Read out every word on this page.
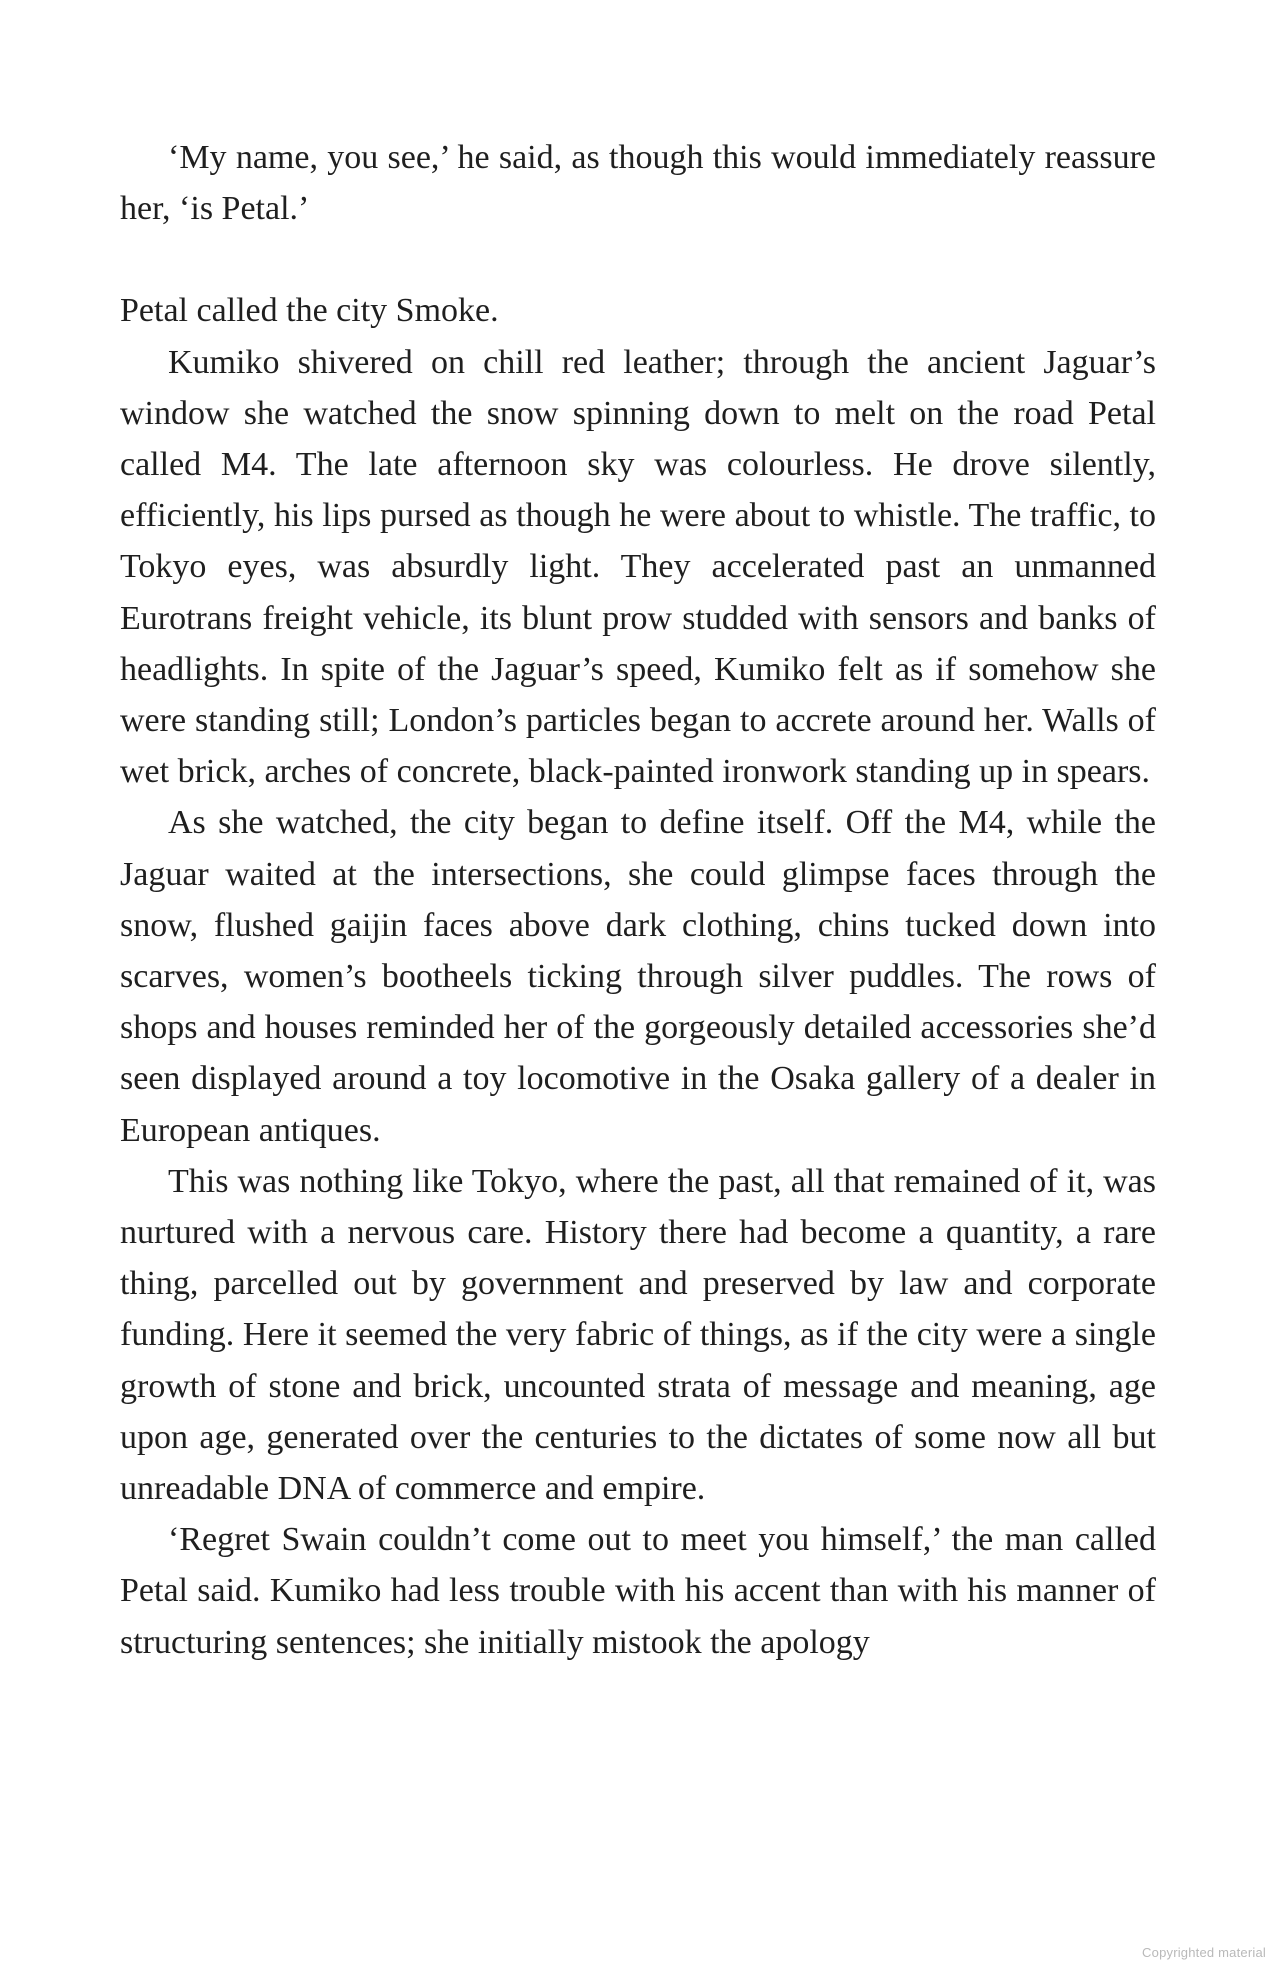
‘My name, you see,’ he said, as though this would immediately reassure her, ‘is Petal.’

Petal called the city Smoke.

Kumiko shivered on chill red leather; through the ancient Jaguar’s window she watched the snow spinning down to melt on the road Petal called M4. The late afternoon sky was colourless. He drove silently, efficiently, his lips pursed as though he were about to whistle. The traffic, to Tokyo eyes, was absurdly light. They accelerated past an unmanned Eurotrans freight vehicle, its blunt prow studded with sensors and banks of headlights. In spite of the Jaguar’s speed, Kumiko felt as if somehow she were standing still; London’s particles began to accrete around her. Walls of wet brick, arches of concrete, black-painted ironwork standing up in spears.

As she watched, the city began to define itself. Off the M4, while the Jaguar waited at the intersections, she could glimpse faces through the snow, flushed gaijin faces above dark clothing, chins tucked down into scarves, women’s bootheels ticking through silver puddles. The rows of shops and houses reminded her of the gorgeously detailed accessories she’d seen displayed around a toy locomotive in the Osaka gallery of a dealer in European antiques.

This was nothing like Tokyo, where the past, all that remained of it, was nurtured with a nervous care. History there had become a quantity, a rare thing, parcelled out by government and preserved by law and corporate funding. Here it seemed the very fabric of things, as if the city were a single growth of stone and brick, uncounted strata of message and meaning, age upon age, generated over the centuries to the dictates of some now all but unreadable DNA of commerce and empire.

‘Regret Swain couldn’t come out to meet you himself,’ the man called Petal said. Kumiko had less trouble with his accent than with his manner of structuring sentences; she initially mistook the apology

Copyrighted material
